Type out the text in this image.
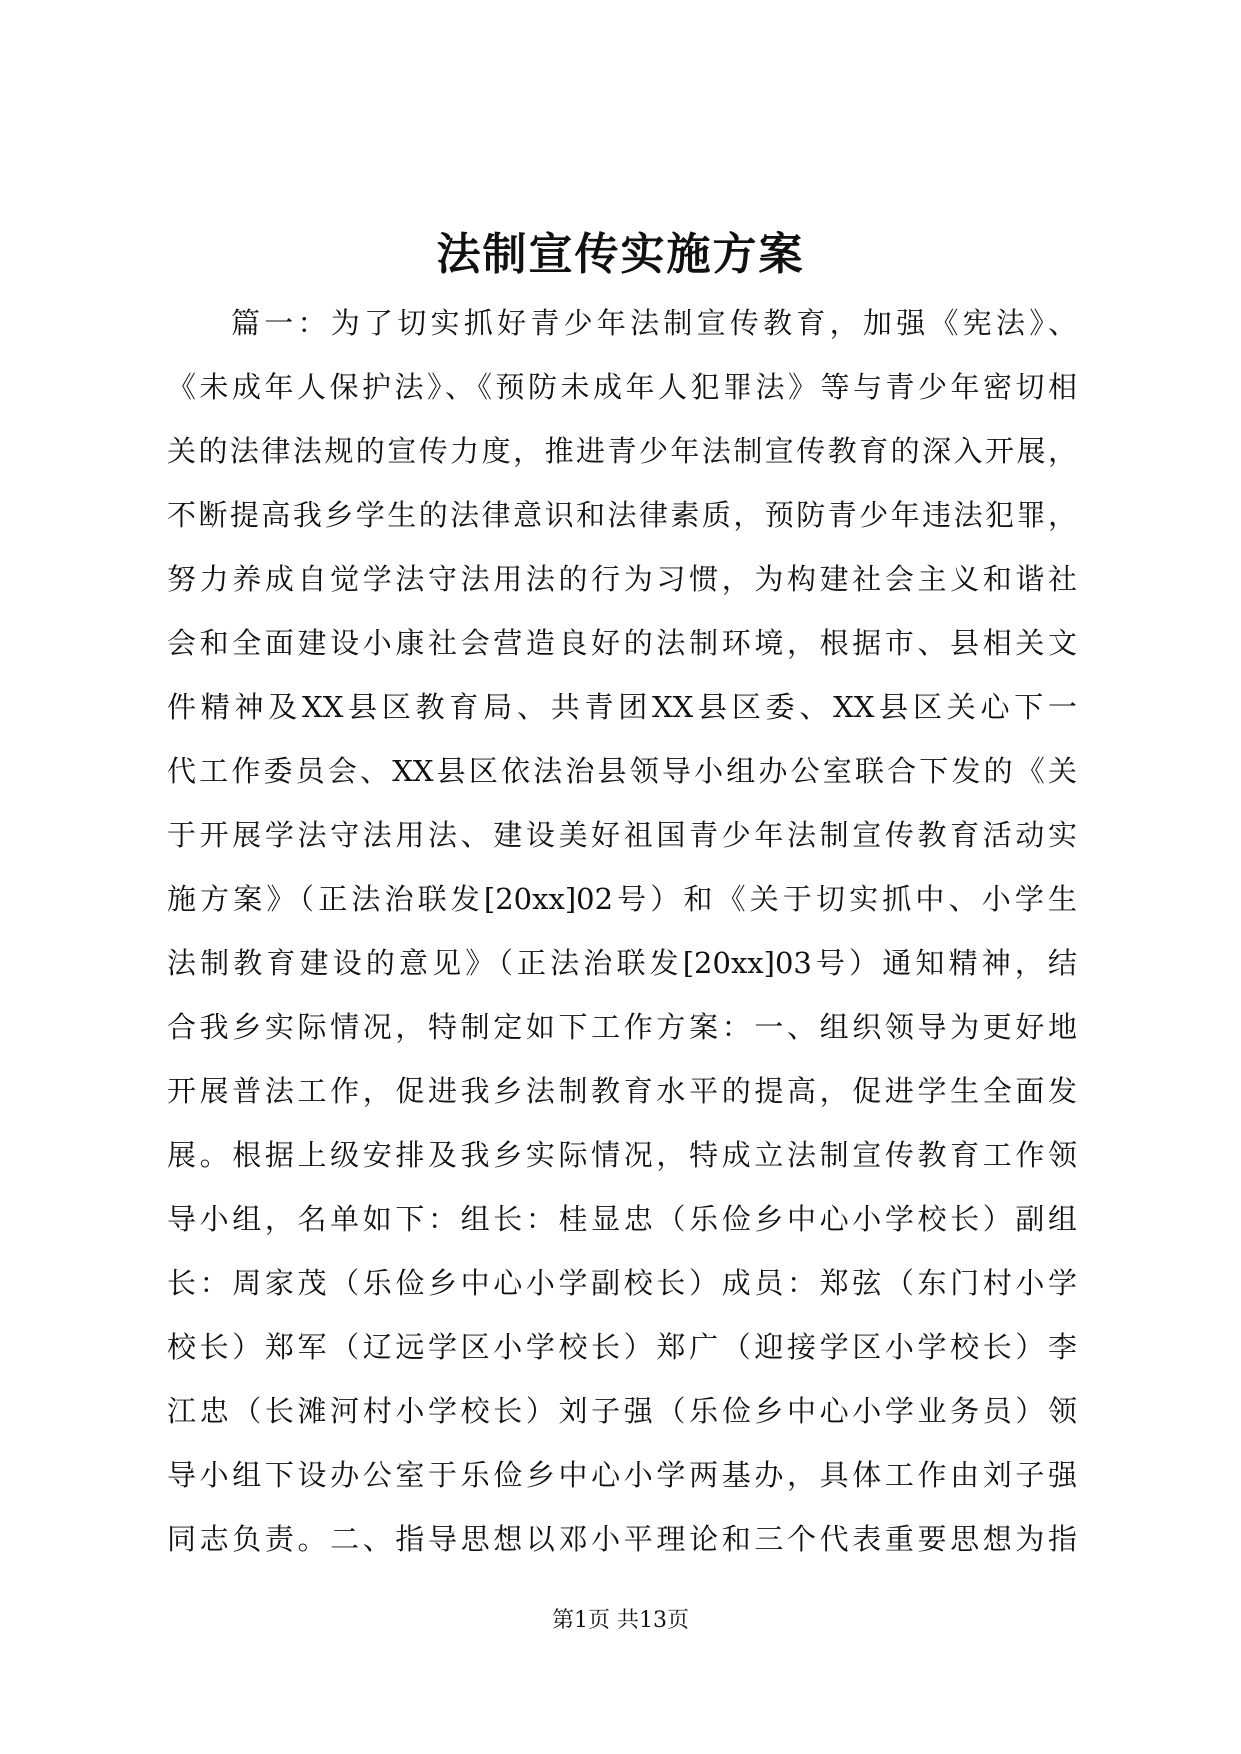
法制宣传实施方案
篇一：为了切实抓好青少年法制宣传教育，加强《宪法》、
《未成年人保护法》、《预防未成年人犯罪法》等与青少年密切相
关的法律法规的宣传力度，推进青少年法制宣传教育的深入开展，
不断提高我乡学生的法律意识和法律素质，预防青少年违法犯罪，
努力养成自觉学法守法用法的行为习惯，为构建社会主义和谐社
会和全面建设小康社会营造良好的法制环境，根据市、县相关文
件精神及XX县区教育局、共青团XX县区委、XX县区关心下一
代工作委员会、XX县区依法治县领导小组办公室联合下发的《关
于开展学法守法用法、建设美好祖国青少年法制宣传教育活动实
施方案》（正法治联发[20xx]02号）和《关于切实抓中、小学生
法制教育建设的意见》（正法治联发[20xx]03号）通知精神，结
合我乡实际情况，特制定如下工作方案：一、组织领导为更好地
开展普法工作，促进我乡法制教育水平的提高，促进学生全面发
展。根据上级安排及我乡实际情况，特成立法制宣传教育工作领
导小组，名单如下：组长：桂显忠（乐俭乡中心小学校长）副组
长：周家茂（乐俭乡中心小学副校长）成员：郑弦（东门村小学
校长）郑军（辽远学区小学校长）郑广（迎接学区小学校长）李
江忠（长滩河村小学校长）刘子强（乐俭乡中心小学业务员）领
导小组下设办公室于乐俭乡中心小学两基办，具体工作由刘子强
同志负责。二、指导思想以邓小平理论和三个代表重要思想为指
第1页 共13页
